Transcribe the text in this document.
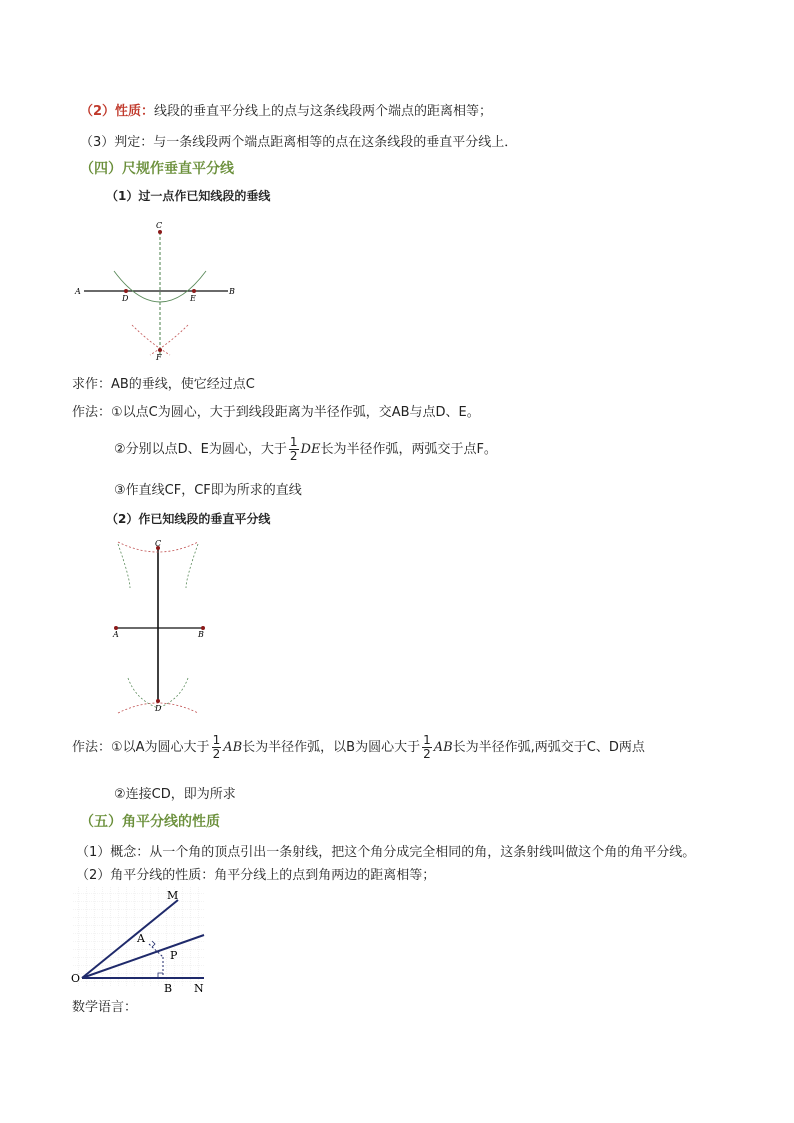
（2）性质：线段的垂直平分线上的点与这条线段两个端点的距离相等；
（3）判定：与一条线段两个端点距离相等的点在这条线段的垂直平分线上．
（四）尺规作垂直平分线
（1）过一点作已知线段的垂线
C
A	B
D	E
F
求作：AB的垂线，使它经过点C
作法：①以点C为圆心，大于到线段距离为半径作弧，交AB与点D、E。
②分别以点D、E为圆心，大于 $\frac{1}{2}$ DE长为半径作弧，两弧交于点F。
③作直线CF，CF即为所求的直线
（2）作已知线段的垂直平分线
C
A	B
D
作法：①以A为圆心大于 $\frac{1}{2}$ AB长为半径作弧，以B为圆心大于 $\frac{1}{2}$ AB长为半径作弧,两弧交于C、D两点
②连接CD，即为所求
（五）角平分线的性质
（1）概念：从一个角的顶点引出一条射线，把这个角分成完全相同的角，这条射线叫做这个角的角平分线。
（2）角平分线的性质：角平分线上的点到角两边的距离相等；
M
A
P
O
B N
数学语言：
